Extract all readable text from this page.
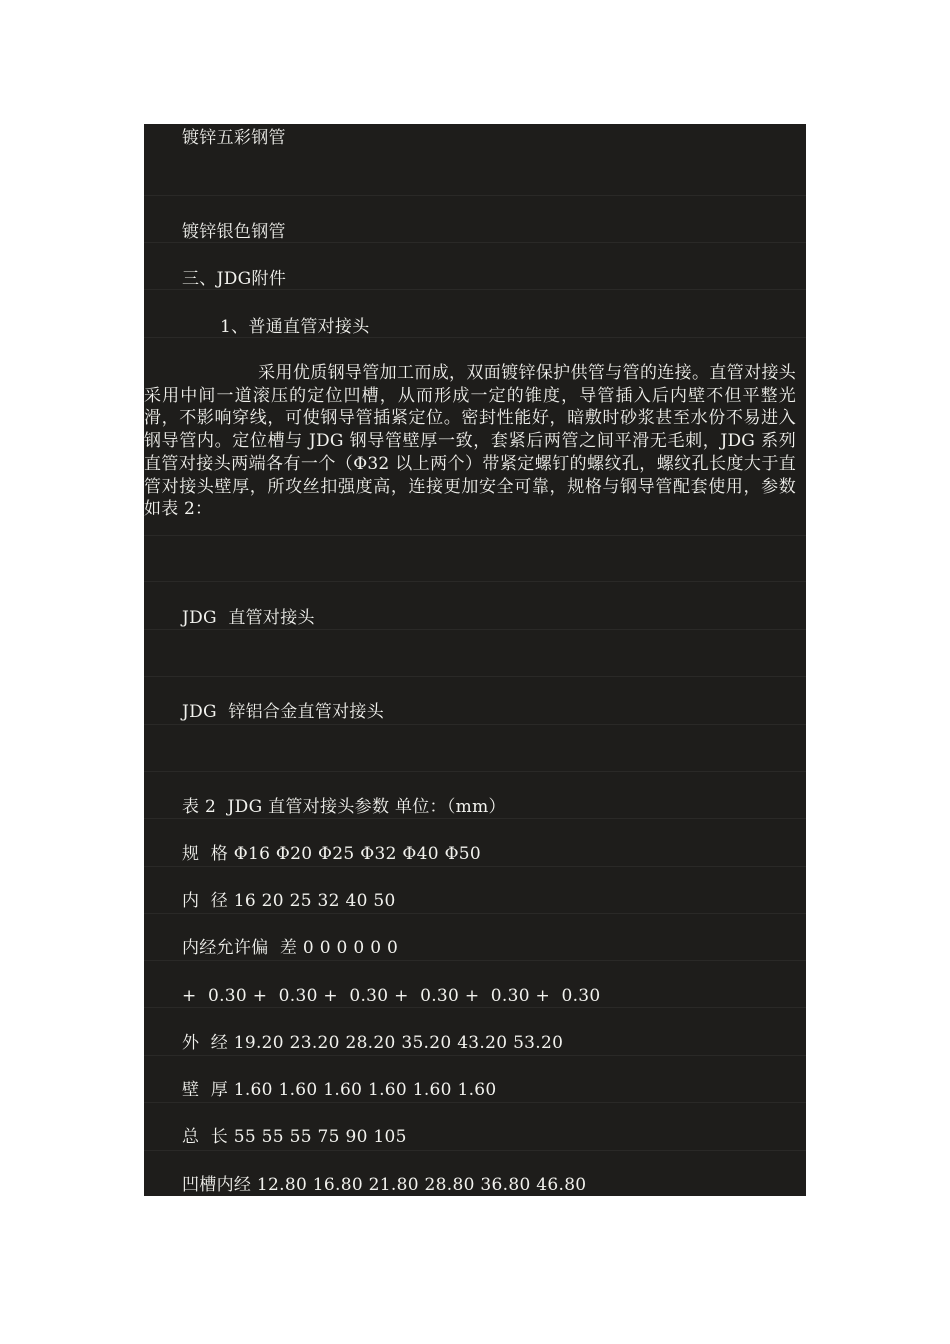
镀锌五彩钢管
镀锌银色钢管
三、JDG附件
1、普通直管对接头
采用优质钢导管加工而成，双面镀锌保护供管与管的连接。直管对接头采用中间一道滚压的定位凹槽，从而形成一定的锥度，导管插入后内壁不但平整光滑，不影响穿线，可使钢导管插紧定位。密封性能好，暗敷时砂浆甚至水份不易进入钢导管内。定位槽与 JDG 钢导管壁厚一致，套紧后两管之间平滑无毛刺，JDG 系列直管对接头两端各有一个（Φ32 以上两个）带紧定螺钉的螺纹孔，螺纹孔长度大于直管对接头壁厚，所攻丝扣强度高，连接更加安全可靠，规格与钢导管配套使用，参数如表 2：
JDG  直管对接头
JDG  锌铝合金直管对接头
表 2  JDG 直管对接头参数 单位：（mm）
规  格 Φ16 Φ20 Φ25 Φ32 Φ40 Φ50
内  径 16 20 25 32 40 50
内经允许偏  差 0 0 0 0 0 0
+  0.30 +  0.30 +  0.30 +  0.30 +  0.30 +  0.30
外  经 19.20 23.20 28.20 35.20 43.20 53.20
壁  厚 1.60 1.60 1.60 1.60 1.60 1.60
总  长 55 55 55 75 90 105
凹槽内经 12.80 16.80 21.80 28.80 36.80 46.80
